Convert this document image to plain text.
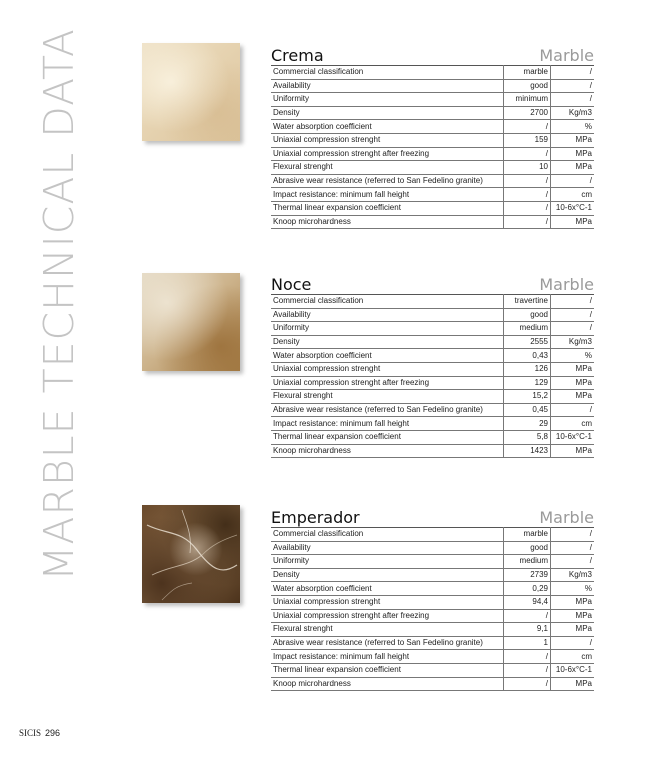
MARBLE TECHNICAL DATA	Crema	Marble
Commercial classification	marble	/
Availability	good	/
Uniformity	minimum	/
Density	2700	Kg/m3
Water absorption coefficient	/	%
Uniaxial compression strenght	159	MPa
Uniaxial compression strenght after freezing	/	MPa
Flexural strenght	10	MPa
Abrasive wear resistance (referred to San Fedelino granite)	/	/
Impact resistance: minimum fall height	/	cm
Thermal linear expansion coefficient	/	10-6x°C-1
Knoop microhardness	/	MPa
Noce	Marble
Commercial classification	travertine	/
Availability	good	/
Uniformity	medium	/
Density	2555	Kg/m3
Water absorption coefficient	0,43	%
Uniaxial compression strenght	126	MPa
Uniaxial compression strenght after freezing	129	MPa
Flexural strenght	15,2	MPa
Abrasive wear resistance (referred to San Fedelino granite)	0,45	/
Impact resistance: minimum fall height	29	cm
Thermal linear expansion coefficient	5,8	10-6x°C-1
Knoop microhardness	1423	MPa
Emperador	Marble
Commercial classification	marble	/
Availability	good	/
Uniformity	medium	/
Density	2739	Kg/m3
Water absorption coefficient	0,29	%
Uniaxial compression strenght	94,4	MPa
Uniaxial compression strenght after freezing	/	MPa
Flexural strenght	9,1	MPa
Abrasive wear resistance (referred to San Fedelino granite)	1	/
Impact resistance: minimum fall height	/	cm
Thermal linear expansion coefficient	/	10-6x°C-1
Knoop microhardness	/	MPa
SICIS 296
